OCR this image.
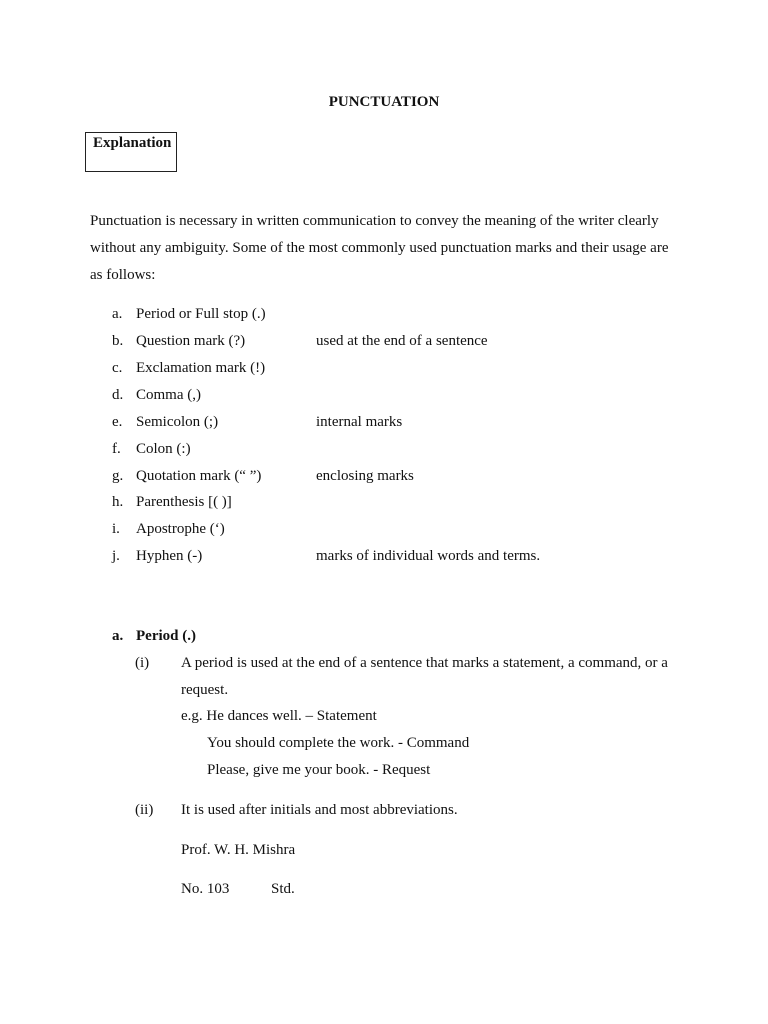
PUNCTUATION
Explanation
Punctuation is necessary in written communication to convey the meaning of the writer clearly
without any ambiguity. Some of the most commonly used punctuation marks and their usage are
as follows:
a. Period or Full stop (.)
b. Question mark (?)	used at the end of a sentence
c. Exclamation mark (!)
d. Comma (,)
e. Semicolon (;)	internal marks
f. Colon (:)
g. Quotation mark (“ ”)	enclosing marks
h. Parenthesis [( )]
i. Apostrophe (‘)
j. Hyphen (-)	marks of individual words and terms.
a. Period (.)
(i) A period is used at the end of a sentence that marks a statement, a command, or a
request.
e.g. He dances well. – Statement
You should complete the work. - Command
Please, give me your book. - Request
(ii) It is used after initials and most abbreviations.
Prof. W. H. Mishra
No. 103	Std.
